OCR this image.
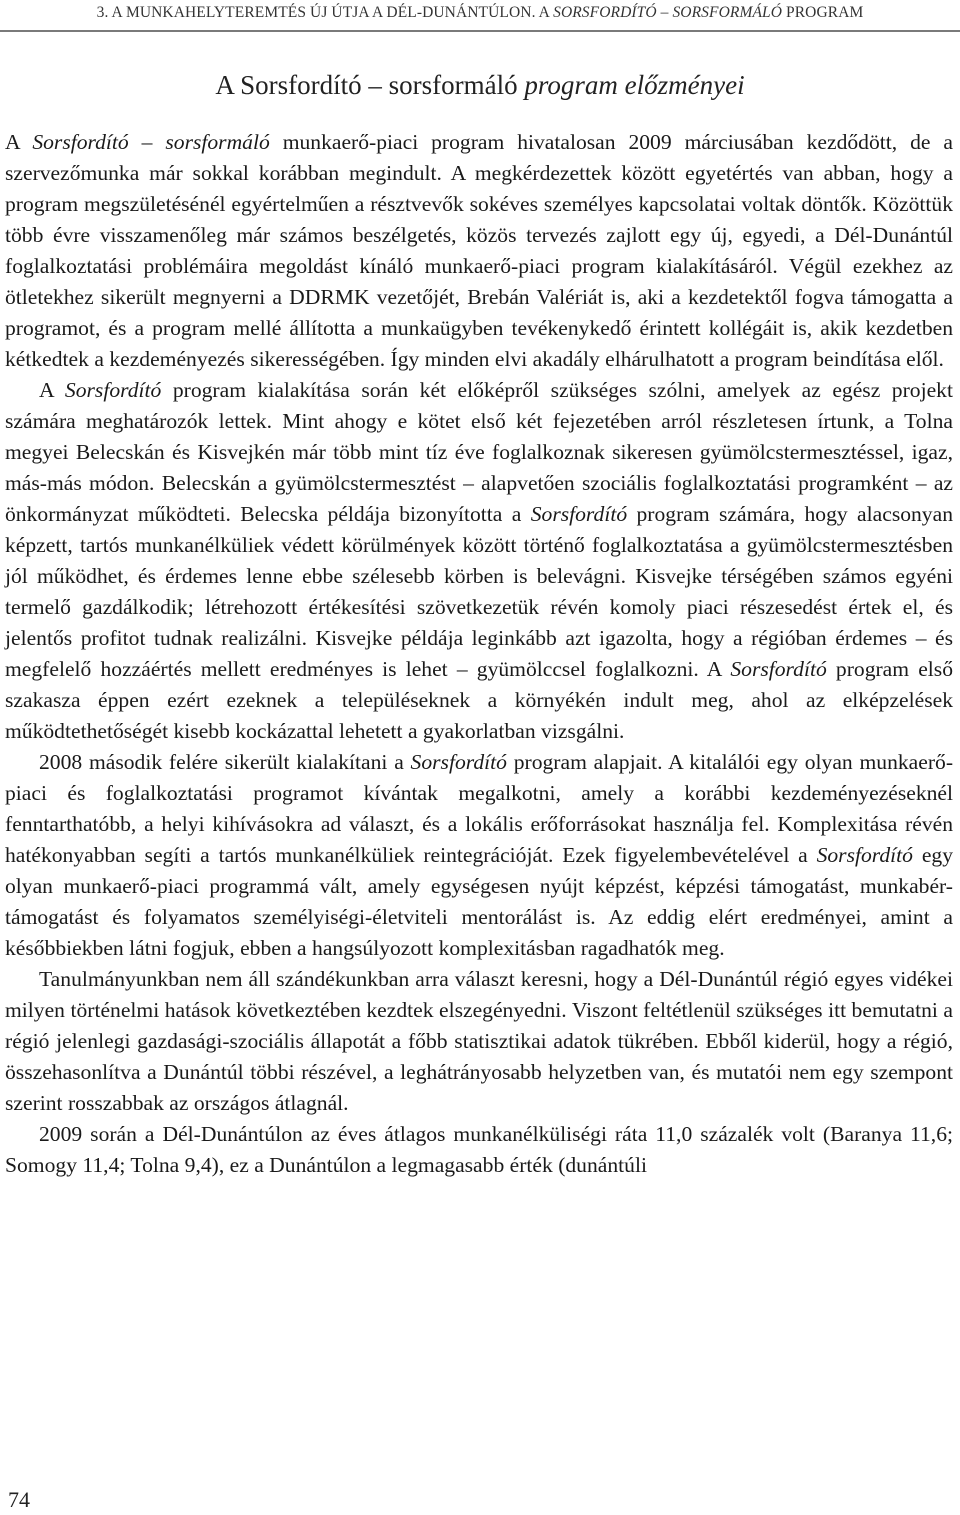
3. A MUNKAHELYTEREMTÉS ÚJ ÚTJA A DÉL-DUNÁNTÚLON. A SORSFORDÍTÓ – SORSFORMÁLÓ PROGRAM
A Sorsfordító – sorsformáló program előzményei

A Sorsfordító – sorsformáló munkaerő-piaci program hivatalosan 2009 márciusában kezdődött, de a szervezőmunka már sokkal korábban megindult. A megkérdezettek között egyetértés van abban, hogy a program megszületésénél egyértelműen a résztvevők sokéves személyes kapcsolatai voltak döntők. Közöttük több évre visszamenőleg már számos beszélgetés, közös tervezés zajlott egy új, egyedi, a Dél-Dunántúl foglalkoztatási problémáira megoldást kínáló munkaerő-piaci program kialakításáról. Végül ezekhez az ötletekhez sikerült megnyerni a DDRMK vezetőjét, Brebán Valériát is, aki a kezdetektől fogva támogatta a programot, és a program mellé állította a munkaügyben tevékenykedő érintett kollégáit is, akik kezdetben kétkedtek a kezdeményezés sikerességében. Így minden elvi akadály elhárulhatott a program beindítása elől.

A Sorsfordító program kialakítása során két előképről szükséges szólni, amelyek az egész projekt számára meghatározók lettek. Mint ahogy e kötet első két fejezetében arról részletesen írtunk, a Tolna megyei Belecskán és Kisvejkén már több mint tíz éve foglalkoznak sikeresen gyümölcstermesztéssel, igaz, más-más módon. Belecskán a gyümölcstermesztést – alapvetően szociális foglalkoztatási programként – az önkormányzat működteti. Belecska példája bizonyította a Sorsfordító program számára, hogy alacsonyan képzett, tartós munkanélküliek védett körülmények között történő foglalkoztatása a gyümölcstermesztésben jól működhet, és érdemes lenne ebbe szélesebb körben is belevágni. Kisvejke térségében számos egyéni termelő gazdálkodik; létrehozott értékesítési szövetkezetük révén komoly piaci részesedést értek el, és jelentős profitot tudnak realizálni. Kisvejke példája leginkább azt igazolta, hogy a régióban érdemes – és megfelelő hozzáértés mellett eredményes is lehet – gyümölccsel foglalkozni. A Sorsfordító program első szakasza éppen ezért ezeknek a településeknek a környékén indult meg, ahol az elképzelések működtethetőségét kisebb kockázattal lehetett a gyakorlatban vizsgálni.

2008 második felére sikerült kialakítani a Sorsfordító program alapjait. A kitalálói egy olyan munkaerő-piaci és foglalkoztatási programot kívántak megalkotni, amely a korábbi kezdeményezéseknél fenntarthatóbb, a helyi kihívásokra ad választ, és a lokális erőforrásokat használja fel. Komplexitása révén hatékonyabban segíti a tartós munkanélküliek reintegrációját. Ezek figyelembevételével a Sorsfordító egy olyan munkaerő-piaci programmá vált, amely egységesen nyújt képzést, képzési támogatást, munkabér-támogatást és folyamatos személyiségi-életviteli mentorálást is. Az eddig elért eredményei, amint a későbbiekben látni fogjuk, ebben a hangsúlyozott komplexitásban ragadhatók meg.

Tanulmányunkban nem áll szándékunkban arra választ keresni, hogy a Dél-Dunántúl régió egyes vidékei milyen történelmi hatások következtében kezdtek elszegényedni. Viszont feltétlenül szükséges itt bemutatni a régió jelenlegi gazdasági-szociális állapotát a főbb statisztikai adatok tükrében. Ebből kiderül, hogy a régió, összehasonlítva a Dunántúl többi részével, a leghátrányosabb helyzetben van, és mutatói nem egy szempont szerint rosszabbak az országos átlagnál.

2009 során a Dél-Dunántúlon az éves átlagos munkanélküliségi ráta 11,0 százalék volt (Baranya 11,6; Somogy 11,4; Tolna 9,4), ez a Dunántúlon a legmagasabb érték (dunántúli

74
